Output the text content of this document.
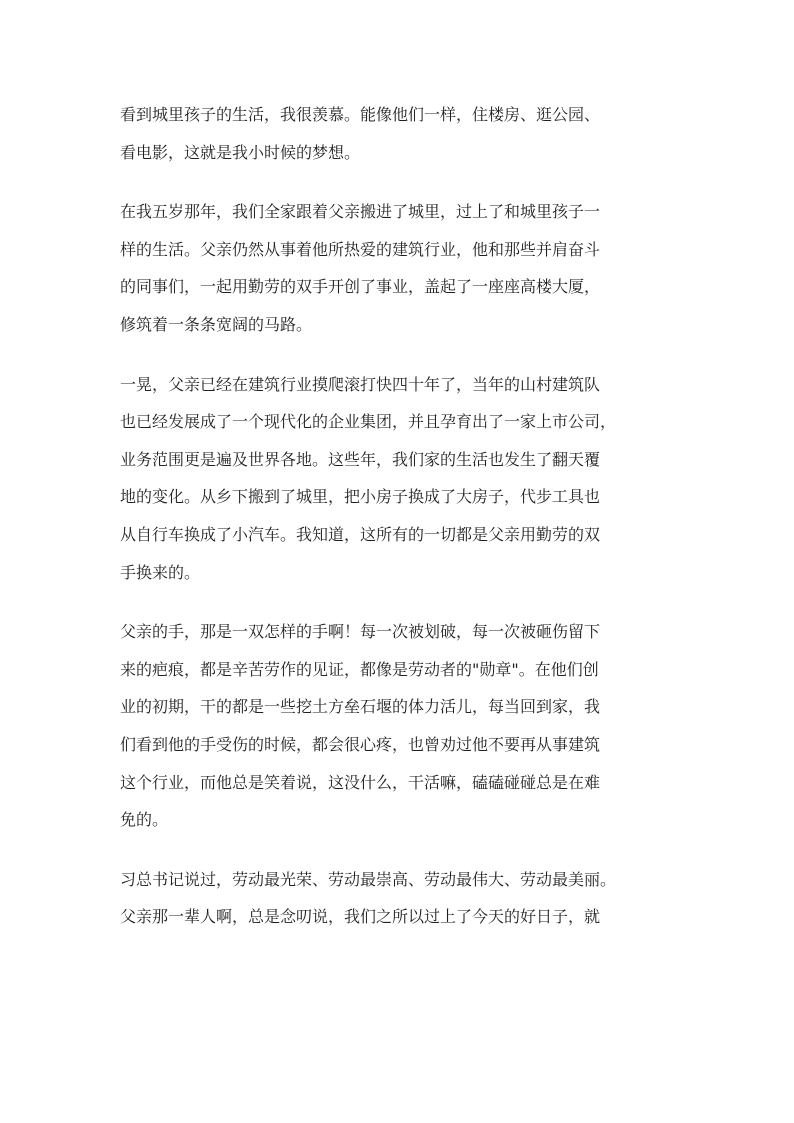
看到城里孩子的生活，我很羡慕。能像他们一样，住楼房、逛公园、
看电影，这就是我小时候的梦想。

在我五岁那年，我们全家跟着父亲搬进了城里，过上了和城里孩子一
样的生活。父亲仍然从事着他所热爱的建筑行业，他和那些并肩奋斗
的同事们，一起用勤劳的双手开创了事业，盖起了一座座高楼大厦，
修筑着一条条宽阔的马路。

一晃，父亲已经在建筑行业摸爬滚打快四十年了，当年的山村建筑队
也已经发展成了一个现代化的企业集团，并且孕育出了一家上市公司，
业务范围更是遍及世界各地。这些年，我们家的生活也发生了翻天覆
地的变化。从乡下搬到了城里，把小房子换成了大房子，代步工具也
从自行车换成了小汽车。我知道，这所有的一切都是父亲用勤劳的双
手换来的。

父亲的手，那是一双怎样的手啊！每一次被划破，每一次被砸伤留下
来的疤痕，都是辛苦劳作的见证，都像是劳动者的"勋章"。在他们创
业的初期，干的都是一些挖土方垒石堰的体力活儿，每当回到家，我
们看到他的手受伤的时候，都会很心疼，也曾劝过他不要再从事建筑
这个行业，而他总是笑着说，这没什么，干活嘛，磕磕碰碰总是在难
免的。

习总书记说过，劳动最光荣、劳动最崇高、劳动最伟大、劳动最美丽。
父亲那一辈人啊，总是念叨说，我们之所以过上了今天的好日子，就
